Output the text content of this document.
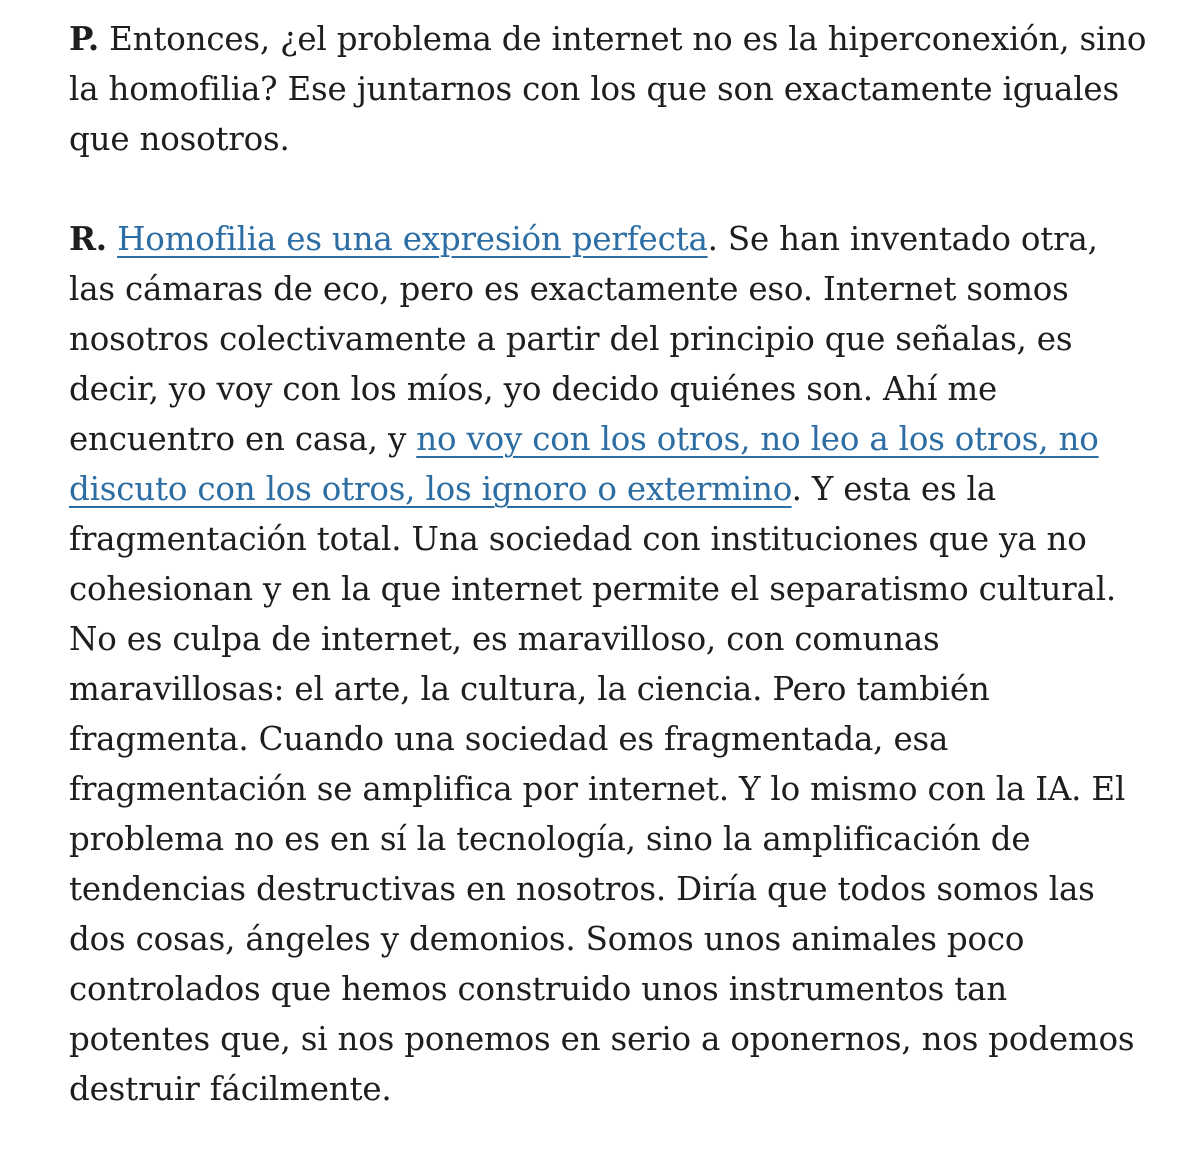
P. Entonces, ¿el problema de internet no es la hiperconexión, sino la homofilia? Ese juntarnos con los que son exactamente iguales que nosotros.

R. Homofilia es una expresión perfecta. Se han inventado otra, las cámaras de eco, pero es exactamente eso. Internet somos nosotros colectivamente a partir del principio que señalas, es decir, yo voy con los míos, yo decido quiénes son. Ahí me encuentro en casa, y no voy con los otros, no leo a los otros, no discuto con los otros, los ignoro o extermino. Y esta es la fragmentación total. Una sociedad con instituciones que ya no cohesionan y en la que internet permite el separatismo cultural. No es culpa de internet, es maravilloso, con comunas maravillosas: el arte, la cultura, la ciencia. Pero también fragmenta. Cuando una sociedad es fragmentada, esa fragmentación se amplifica por internet. Y lo mismo con la IA. El problema no es en sí la tecnología, sino la amplificación de tendencias destructivas en nosotros. Diría que todos somos las dos cosas, ángeles y demonios. Somos unos animales poco controlados que hemos construido unos instrumentos tan potentes que, si nos ponemos en serio a oponernos, nos podemos destruir fácilmente.
